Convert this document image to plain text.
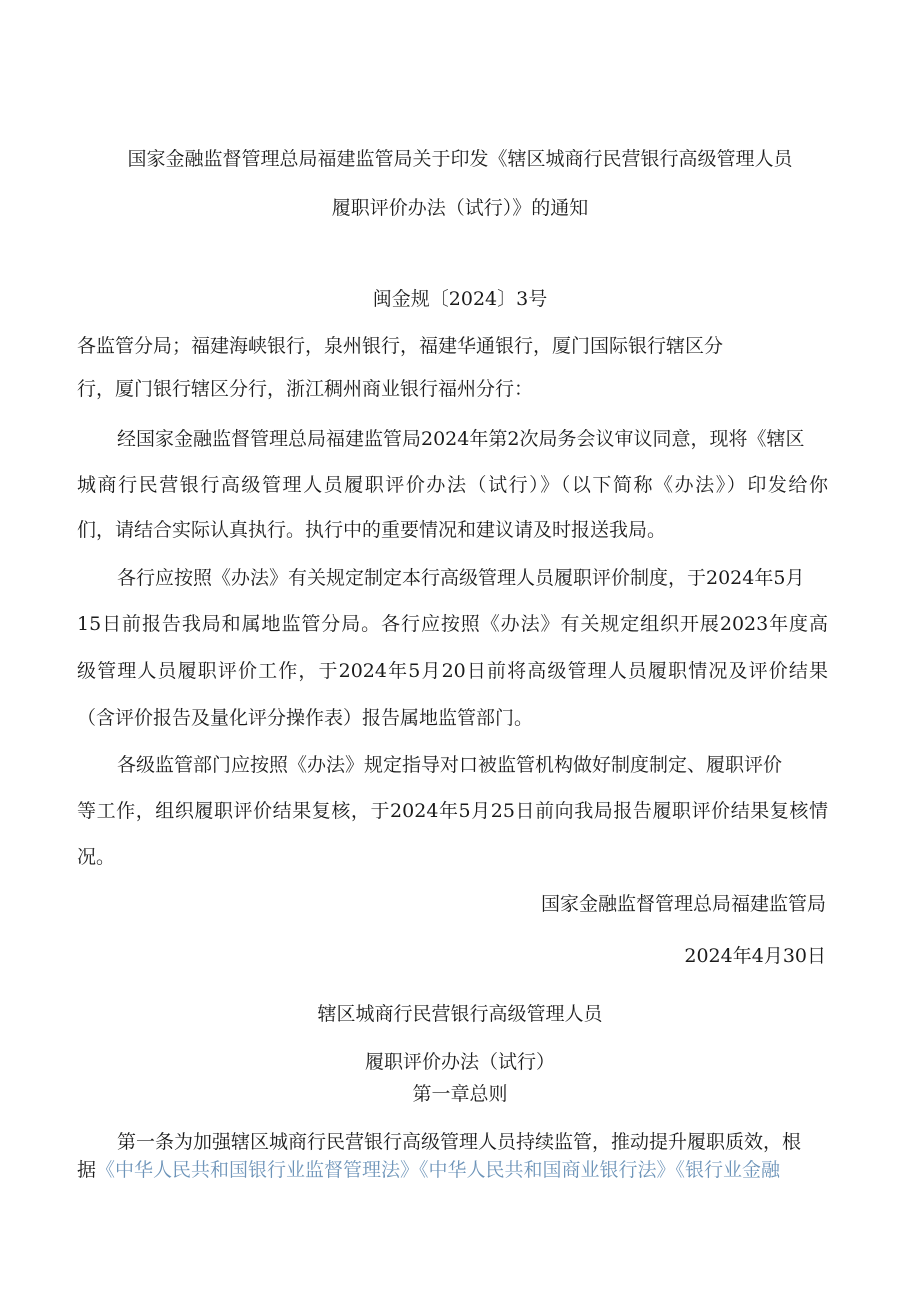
国家金融监督管理总局福建监管局关于印发《辖区城商行民营银行高级管理人员
履职评价办法（试行）》的通知
闽金规〔2024〕3号
各监管分局；福建海峡银行，泉州银行，福建华通银行，厦门国际银行辖区分
行，厦门银行辖区分行，浙江稠州商业银行福州分行：
经国家金融监督管理总局福建监管局2024年第2次局务会议审议同意，现将《辖区
城商行民营银行高级管理人员履职评价办法（试行）》（以下简称《办法》）印发给你
们，请结合实际认真执行。执行中的重要情况和建议请及时报送我局。
各行应按照《办法》有关规定制定本行高级管理人员履职评价制度，于2024年5月
15日前报告我局和属地监管分局。各行应按照《办法》有关规定组织开展2023年度高
级管理人员履职评价工作，于2024年5月20日前将高级管理人员履职情况及评价结果
（含评价报告及量化评分操作表）报告属地监管部门。
各级监管部门应按照《办法》规定指导对口被监管机构做好制度制定、履职评价
等工作，组织履职评价结果复核，于2024年5月25日前向我局报告履职评价结果复核情
况。
国家金融监督管理总局福建监管局
2024年4月30日
辖区城商行民营银行高级管理人员
履职评价办法（试行）
第一章总则
第一条为加强辖区城商行民营银行高级管理人员持续监管，推动提升履职质效，根
据《中华人民共和国银行业监督管理法》《中华人民共和国商业银行法》《银行业金融
